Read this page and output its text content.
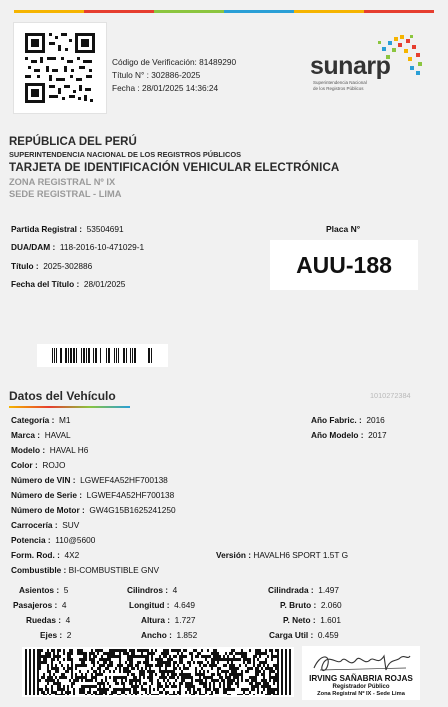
Código de Verificación: 81489290
Título N° : 302886-2025
Fecha : 28/01/2025 14:36:24
sunarp
Superintendencia Nacional
de los Registros Públicos
REPÚBLICA DEL PERÚ
SUPERINTENDENCIA NACIONAL DE LOS REGISTROS PÚBLICOS
TARJETA DE IDENTIFICACIÓN VEHICULAR ELECTRÓNICA
ZONA REGISTRAL Nº IX
SEDE REGISTRAL - LIMA
Partida Registral : 53504691
DUA/DAM : 118-2016-10-471029-1
Título : 2025-302886
Fecha del Título : 28/01/2025
Placa N°
AUU-188
Datos del Vehículo	1010272384
Categoría : M1
Marca : HAVAL
Modelo : HAVAL H6
Color : ROJO
Número de VIN : LGWEF4A52HF700138
Número de Serie : LGWEF4A52HF700138
Número de Motor : GW4G15B1625241250
Carrocería : SUV
Potencia : 110@5600
Form. Rod. : 4X2
Combustible : BI-COMBUSTIBLE GNV
Año Fabric. : 2016
Año Modelo : 2017
Versión : HAVALH6 SPORT 1.5T G
Asientos : 5
Pasajeros : 4
Ruedas : 4
Ejes : 2
Cilindros : 4
Longitud : 4.649
Altura : 1.727
Ancho : 1.852
Cilindrada : 1.497
P. Bruto : 2.060
P. Neto : 1.601
Carga Util : 0.459
IRVING SAÑABRIA ROJAS
Registrador Público
Zona Registral Nº IX - Sede Lima
